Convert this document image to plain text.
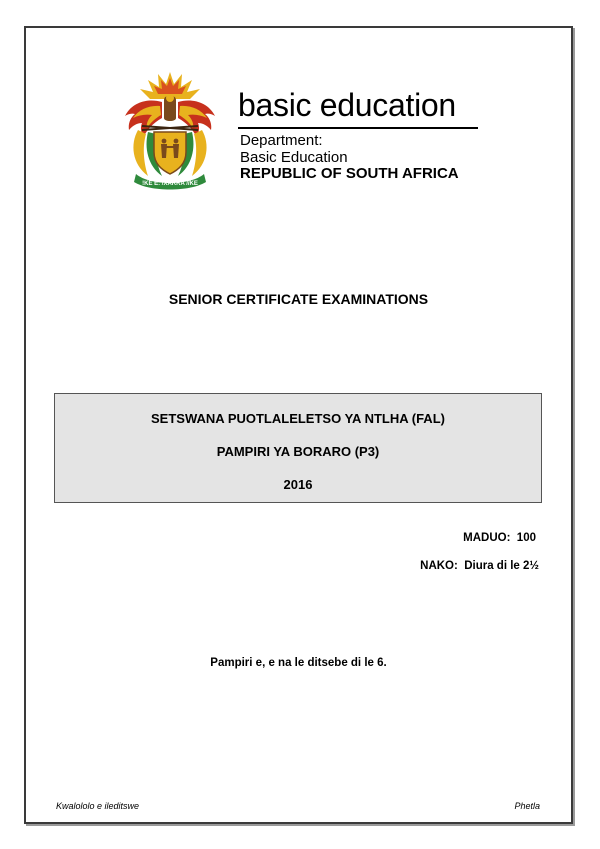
!KE E: /XARRA //KE
basic education
Department:
Basic Education
REPUBLIC OF SOUTH AFRICA
SENIOR CERTIFICATE EXAMINATIONS
SETSWANA PUOTLALELETSO YA NTLHA (FAL)
PAMPIRI YA BORARO (P3)
2016
MADUO:  100
NAKO:  Diura di le 2½
Pampiri e, e na le ditsebe di le 6.
Kwalololo e ileditswe	Phetla
